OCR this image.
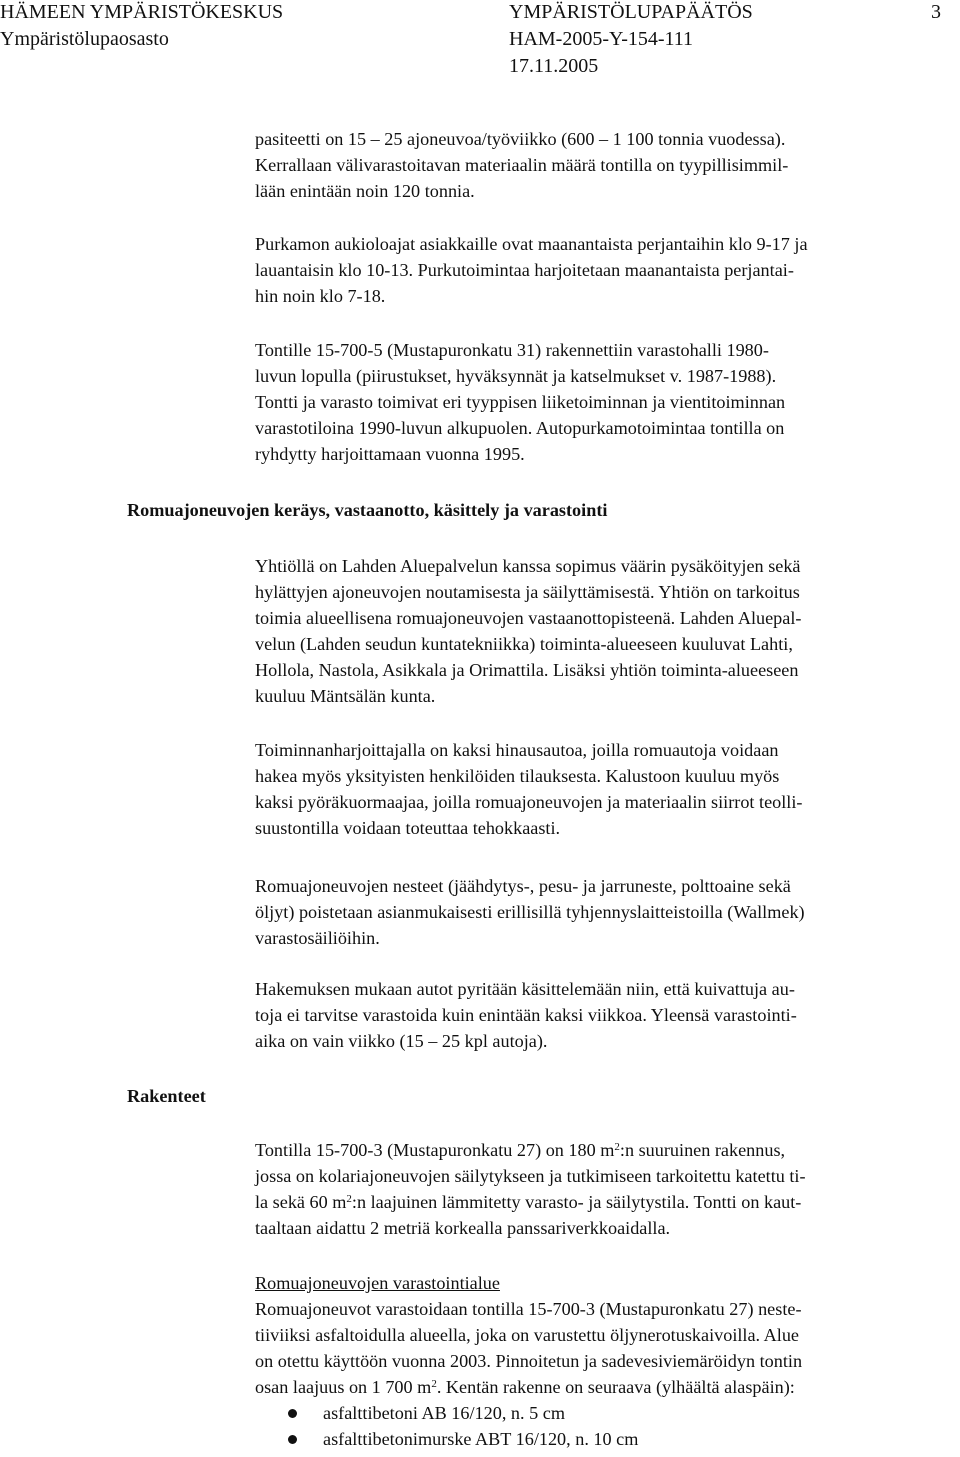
HÄMEEN YMPÄRISTÖKESKUS	YMPÄRISTÖLUPAPÄÄTÖS	3
Ympäristölupaosasto	HAM-2005-Y-154-111
17.11.2005

pasiteetti on 15 – 25 ajoneuvoa/työviikko (600 – 1 100 tonnia vuodessa).

Kerrallaan välivarastoitavan materiaalin määrä tontilla on tyypillisimmil-

lään enintään noin 120 tonnia.

Purkamon aukioloajat asiakkaille ovat maanantaista perjantaihin klo 9-17 ja

lauantaisin klo 10-13. Purkutoimintaa harjoitetaan maanantaista perjantai-

hin noin klo 7-18.

Tontille 15-700-5 (Mustapuronkatu 31) rakennettiin varastohalli 1980-

luvun lopulla (piirustukset, hyväksynnät ja katselmukset v. 1987-1988).

Tontti ja varasto toimivat eri tyyppisen liiketoiminnan ja vientitoiminnan

varastotiloina 1990-luvun alkupuolen. Autopurkamotoimintaa tontilla on

ryhdytty harjoittamaan vuonna 1995.

Romuajoneuvojen keräys, vastaanotto, käsittely ja varastointi

Yhtiöllä on Lahden Aluepalvelun kanssa sopimus väärin pysäköityjen sekä

hylättyjen ajoneuvojen noutamisesta ja säilyttämisestä. Yhtiön on tarkoitus

toimia alueellisena romuajoneuvojen vastaanottopisteenä. Lahden Aluepal-

velun (Lahden seudun kuntatekniikka) toiminta-alueeseen kuuluvat Lahti,

Hollola, Nastola, Asikkala ja Orimattila. Lisäksi yhtiön toiminta-alueeseen

kuuluu Mäntsälän kunta.

Toiminnanharjoittajalla on kaksi hinausautoa, joilla romuautoja voidaan

hakea myös yksityisten henkilöiden tilauksesta. Kalustoon kuuluu myös

kaksi pyöräkuormaajaa, joilla romuajoneuvojen ja materiaalin siirrot teolli-

suustontilla voidaan toteuttaa tehokkaasti.

Romuajoneuvojen nesteet (jäähdytys-, pesu- ja jarruneste, polttoaine sekä

öljyt) poistetaan asianmukaisesti erillisillä tyhjennyslaitteistoilla (Wallmek)

varastosäiliöihin.

Hakemuksen mukaan autot pyritään käsittelemään niin, että kuivattuja au-

toja ei tarvitse varastoida kuin enintään kaksi viikkoa. Yleensä varastointi-

aika on vain viikko (15 – 25 kpl autoja).

Rakenteet

Tontilla 15-700-3 (Mustapuronkatu 27) on 180 $m^2:n$ suuruinen rakennus,

jossa on kolariajoneuvojen säilytykseen ja tutkimiseen tarkoitettu katettu ti-

la sekä 60 $m^2:n$ laajuinen lämmitetty varasto- ja säilytystila. Tontti on kaut-

taaltaan aidattu 2 metriä korkealla panssariverkkoaidalla.

Romuajoneuvojen varastointialue

Romuajoneuvot varastoidaan tontilla 15-700-3 (Mustapuronkatu 27) neste-

tiiviiksi asfaltoidulla alueella, joka on varustettu öljynerotuskaivoilla. Alue

on otettu käyttöön vuonna 2003. Pinnoitetun ja sadevesiviemäröidyn tontin

osan laajuus on 1 700 $m^2$. Kentän rakenne on seuraava (ylhäältä alaspäin):

asfalttibetoni AB 16/120, n. 5 cm
asfalttibetonimurske ABT 16/120, n. 10 cm
